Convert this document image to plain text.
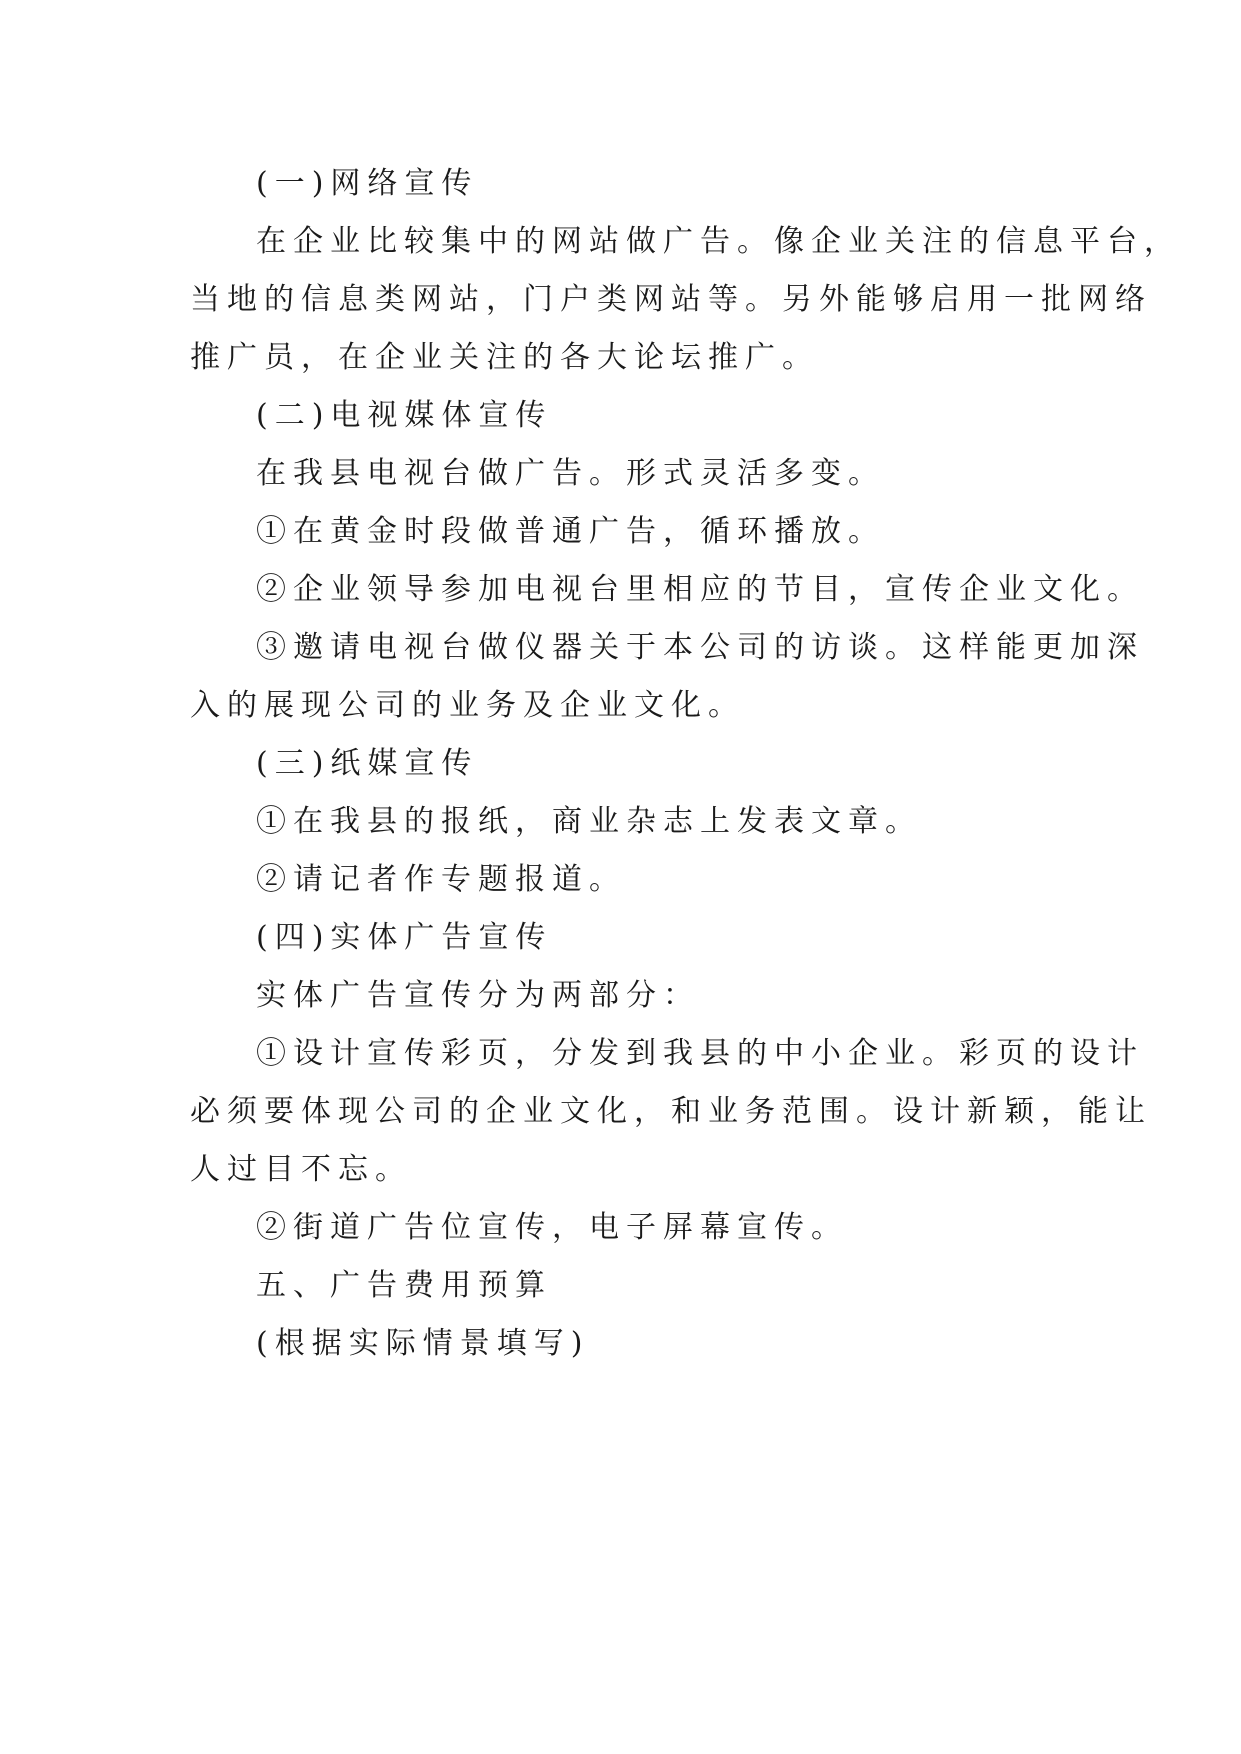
(一)网络宣传
在企业比较集中的网站做广告。像企业关注的信息平台，
当地的信息类网站，门户类网站等。另外能够启用一批网络
推广员，在企业关注的各大论坛推广。
(二)电视媒体宣传
在我县电视台做广告。形式灵活多变。
①在黄金时段做普通广告，循环播放。
②企业领导参加电视台里相应的节目，宣传企业文化。
③邀请电视台做仪器关于本公司的访谈。这样能更加深
入的展现公司的业务及企业文化。
(三)纸媒宣传
①在我县的报纸，商业杂志上发表文章。
②请记者作专题报道。
(四)实体广告宣传
实体广告宣传分为两部分：
①设计宣传彩页，分发到我县的中小企业。彩页的设计
必须要体现公司的企业文化，和业务范围。设计新颖，能让
人过目不忘。
②街道广告位宣传，电子屏幕宣传。
五、广告费用预算
(根据实际情景填写)
